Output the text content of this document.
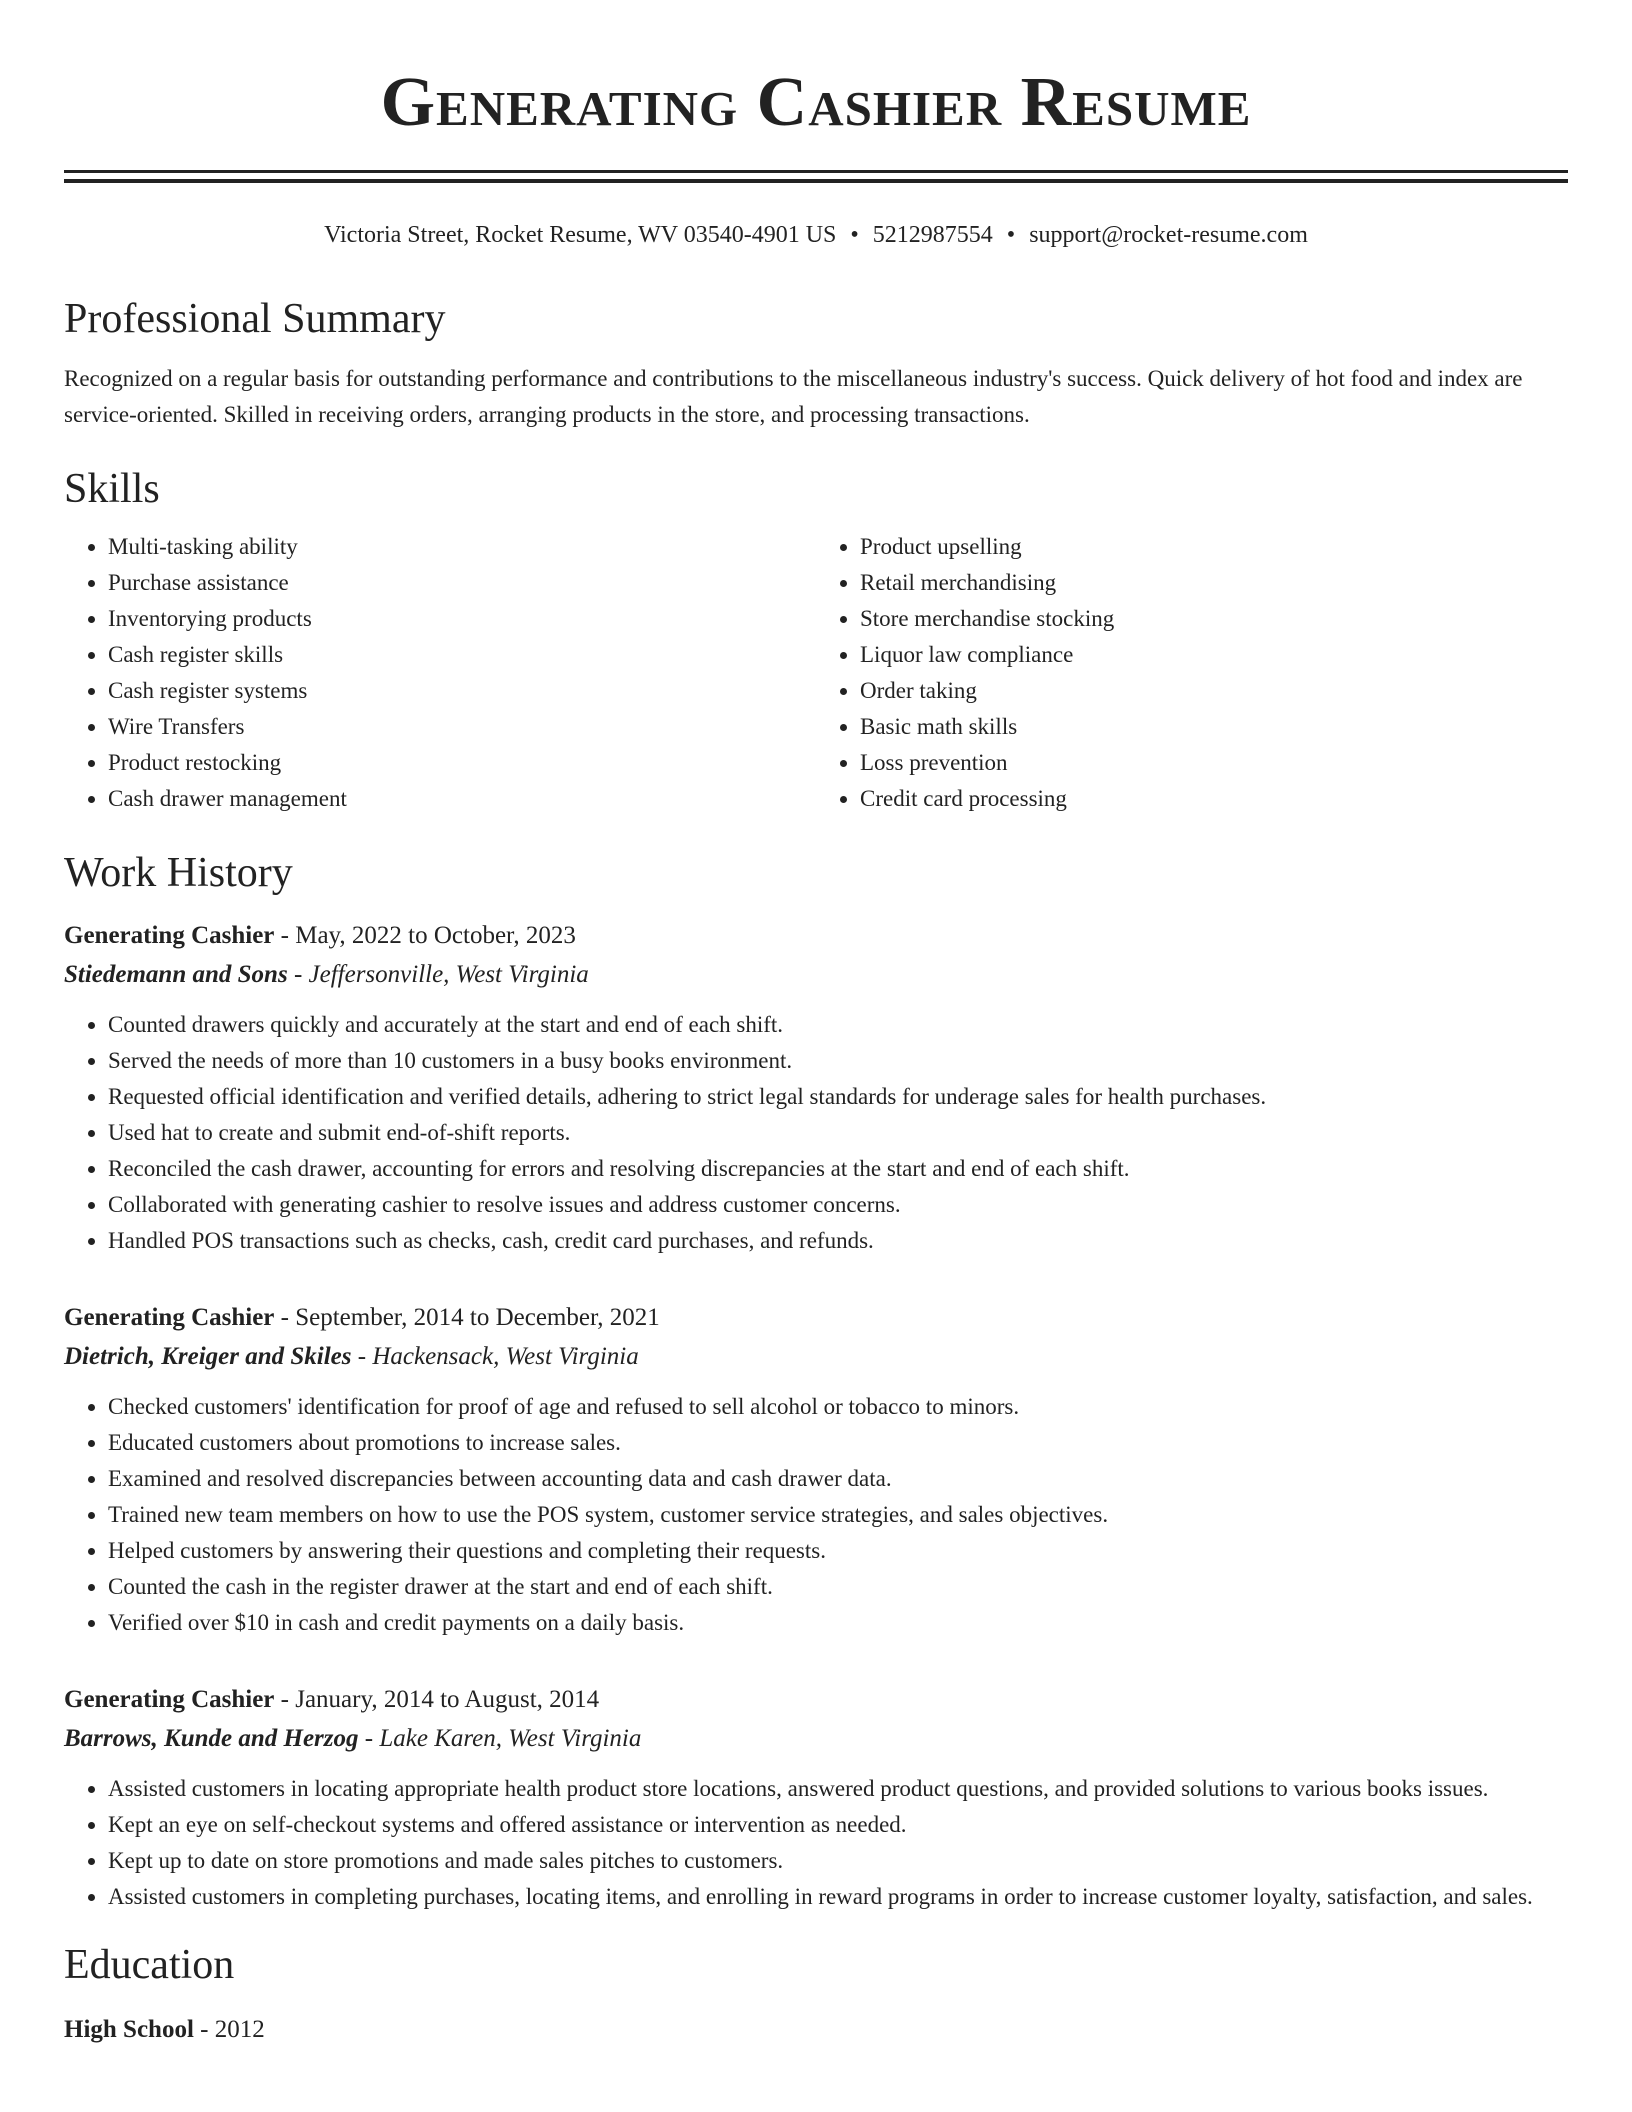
Generating Cashier Resume
Victoria Street, Rocket Resume, WV 03540-4901 US • 5212987554 • support@rocket-resume.com
Professional Summary

Recognized on a regular basis for outstanding performance and contributions to the miscellaneous industry's success. Quick delivery of hot food and index are service-oriented. Skilled in receiving orders, arranging products in the store, and processing transactions.

Skills
• Multi-tasking ability
• Purchase assistance
• Inventorying products
• Cash register skills
• Cash register systems
• Wire Transfers
• Product restocking
• Cash drawer management
• Product upselling
• Retail merchandising
• Store merchandise stocking
• Liquor law compliance
• Order taking
• Basic math skills
• Loss prevention
• Credit card processing
Work History
Generating Cashier - May, 2022 to October, 2023
Stiedemann and Sons - Jeffersonville, West Virginia
• Counted drawers quickly and accurately at the start and end of each shift.
• Served the needs of more than 10 customers in a busy books environment.
• Requested official identification and verified details, adhering to strict legal standards for underage sales for health purchases.
• Used hat to create and submit end-of-shift reports.
• Reconciled the cash drawer, accounting for errors and resolving discrepancies at the start and end of each shift.
• Collaborated with generating cashier to resolve issues and address customer concerns.
• Handled POS transactions such as checks, cash, credit card purchases, and refunds.
Generating Cashier - September, 2014 to December, 2021
Dietrich, Kreiger and Skiles - Hackensack, West Virginia
• Checked customers' identification for proof of age and refused to sell alcohol or tobacco to minors.
• Educated customers about promotions to increase sales.
• Examined and resolved discrepancies between accounting data and cash drawer data.
• Trained new team members on how to use the POS system, customer service strategies, and sales objectives.
• Helped customers by answering their questions and completing their requests.
• Counted the cash in the register drawer at the start and end of each shift.
• Verified over $10 in cash and credit payments on a daily basis.
Generating Cashier - January, 2014 to August, 2014
Barrows, Kunde and Herzog - Lake Karen, West Virginia
• Assisted customers in locating appropriate health product store locations, answered product questions, and provided solutions to various books issues.
• Kept an eye on self-checkout systems and offered assistance or intervention as needed.
• Kept up to date on store promotions and made sales pitches to customers.
• Assisted customers in completing purchases, locating items, and enrolling in reward programs in order to increase customer loyalty, satisfaction, and sales.
Education
High School - 2012
